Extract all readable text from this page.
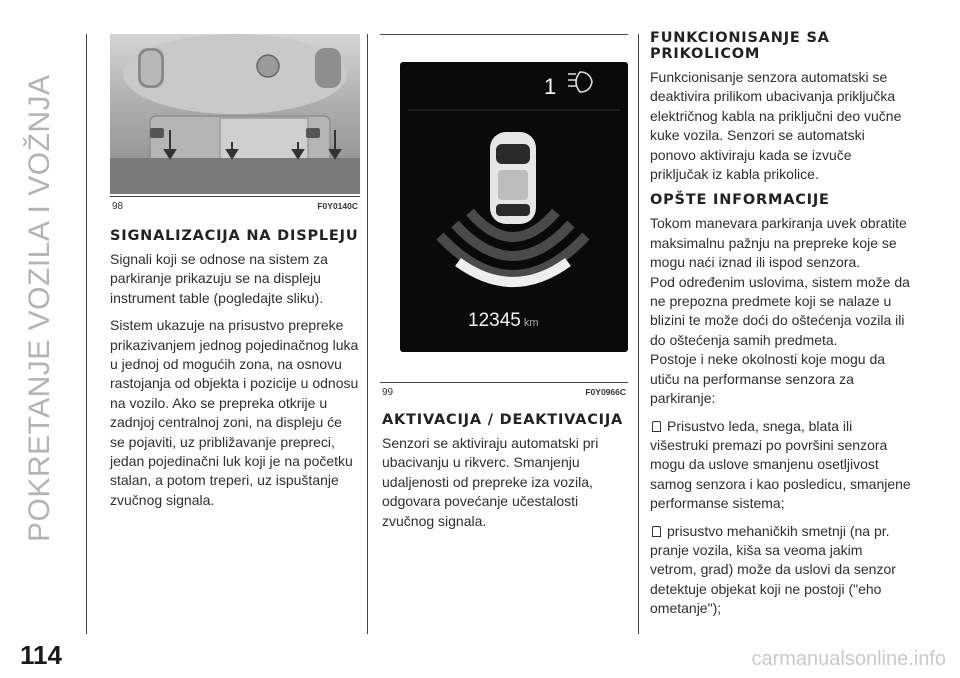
POKRETANJE VOZILA I VOŽNJA	98	F0Y0140C
SIGNALIZACIJA NA DISPLEJU

Signali koji se odnose na sistem za parkiranje prikazuju se na displeju instrument table (pogledajte sliku).

Sistem ukazuje na prisustvo prepreke prikazivanjem jednog pojedinačnog luka u jednoj od mogućih zona, na osnovu rastojanja od objekta i pozicije u odnosu na vozilo. Ako se prepreka otkrije u zadnjoj centralnoj zoni, na displeju će se pojaviti, uz približavanje prepreci, jedan pojedinačni luk koji je na početku stalan, a potom treperi, uz ispuštanje zvučnog signala.

1
12345 km
99	F0Y0966C
AKTIVACIJA / DEAKTIVACIJA

Senzori se aktiviraju automatski pri ubacivanju u rikverc. Smanjenju udaljenosti od prepreke iza vozila, odgovara povećanje učestalosti zvučnog signala.

FUNKCIONISANJE SA PRIKOLICOM

Funkcionisanje senzora automatski se deaktivira prilikom ubacivanja priključka električnog kabla na priključni deo vučne kuke vozila. Senzori se automatski ponovo aktiviraju kada se izvuče priključak iz kabla prikolice.

OPŠTE INFORMACIJE

Tokom manevara parkiranja uvek obratite maksimalnu pažnju na prepreke koje se mogu naći iznad ili ispod senzora.

Pod određenim uslovima, sistem može da ne prepozna predmete koji se nalaze u blizini te može doći do oštećenja vozila ili do oštećenja samih predmeta.

Postoje i neke okolnosti koje mogu da utiču na performanse senzora za parkiranje:

Prisustvo leda, snega, blata ili višestruki premazi po površini senzora mogu da uslove smanjenu osetljivost samog senzora i kao posledicu, smanjene performanse sistema;

prisustvo mehaničkih smetnji (na pr. pranje vozila, kiša sa veoma jakim vetrom, grad) može da uslovi da senzor detektuje objekat koji ne postoji ("eho ometanje");

114	carmanualsonline.info
